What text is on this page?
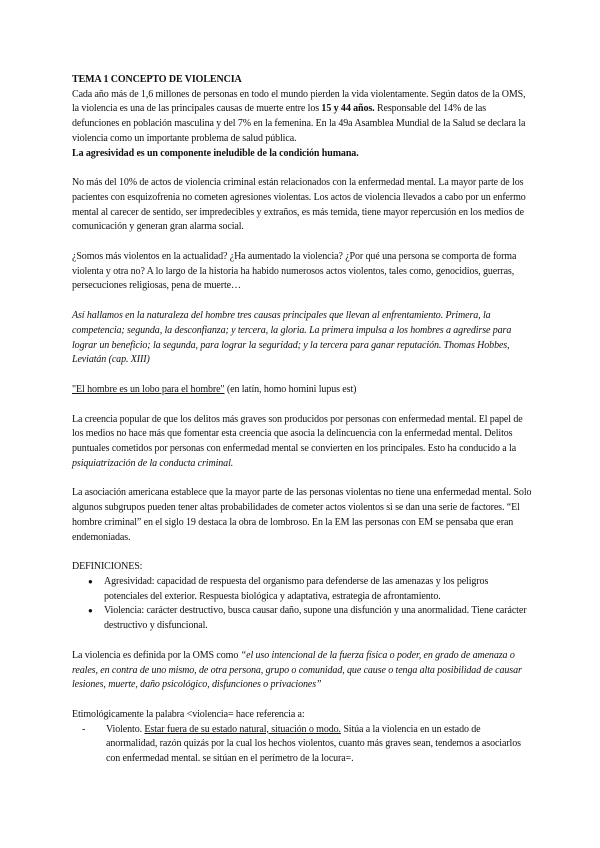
TEMA 1 CONCEPTO DE VIOLENCIA

Cada año más de 1,6 millones de personas en todo el mundo pierden la vida violentamente. Según datos de la OMS, la violencia es una de las principales causas de muerte entre los 15 y 44 años. Responsable del 14% de las defunciones en población masculina y del 7% en la femenina. En la 49a Asamblea Mundial de la Salud se declara la violencia como un importante problema de salud pública.
La agresividad es un componente ineludible de la condición humana.

No más del 10% de actos de violencia criminal están relacionados con la enfermedad mental. La mayor parte de los pacientes con esquizofrenia no cometen agresiones violentas. Los actos de violencia llevados a cabo por un enfermo mental al carecer de sentido, ser impredecibles y extraños, es más temida, tiene mayor repercusión en los medios de comunicación y generan gran alarma social.

¿Somos más violentos en la actualidad? ¿Ha aumentado la violencia? ¿Por qué una persona se comporta de forma violenta y otra no? A lo largo de la historia ha habido numerosos actos violentos, tales como, genocidios, guerras, persecuciones religiosas, pena de muerte…

Así hallamos en la naturaleza del hombre tres causas principales que llevan al enfrentamiento. Primera, la competencia; segunda, la desconfianza; y tercera, la gloria. La primera impulsa a los hombres a agredirse para lograr un beneficio; la segunda, para lograr la seguridad; y la tercera para ganar reputación. Thomas Hobbes, Leviatán (cap. XIII)

"El hombre es un lobo para el hombre" (en latín, homo homini lupus est)

La creencia popular de que los delitos más graves son producidos por personas con enfermedad mental. El papel de los medios no hace más que fomentar esta creencia que asocia la delincuencia con la enfermedad mental. Delitos puntuales cometidos por personas con enfermedad mental se convierten en los principales. Esto ha conducido a la psiquiatrización de la conducta criminal.

La asociación americana establece que la mayor parte de las personas violentas no tiene una enfermedad mental. Solo algunos subgrupos pueden tener altas probabilidades de cometer actos violentos si se dan una serie de factores. “El hombre criminal” en el siglo 19 destaca la obra de lombroso. En la EM las personas con EM se pensaba que eran endemoniadas.

DEFINICIONES:

● Agresividad: capacidad de respuesta del organismo para defenderse de las amenazas y los peligros potenciales del exterior. Respuesta biológica y adaptativa, estrategia de afrontamiento.
● Violencia: carácter destructivo, busca causar daño, supone una disfunción y una anormalidad. Tiene carácter destructivo y disfuncional.

La violencia es definida por la OMS como “el uso intencional de la fuerza física o poder, en grado de amenaza o reales, en contra de uno mismo, de otra persona, grupo o comunidad, que cause o tenga alta posibilidad de causar lesiones, muerte, daño psicológico, disfunciones o privaciones”

Etimológicamente la palabra <violencia= hace referencia a:

- Violento. Estar fuera de su estado natural, situación o modo. Sitúa a la violencia en un estado de anormalidad, razón quizás por la cual los hechos violentos, cuanto más graves sean, tendemos a asociarlos con enfermedad mental. se sitúan en el perímetro de la locura=.
